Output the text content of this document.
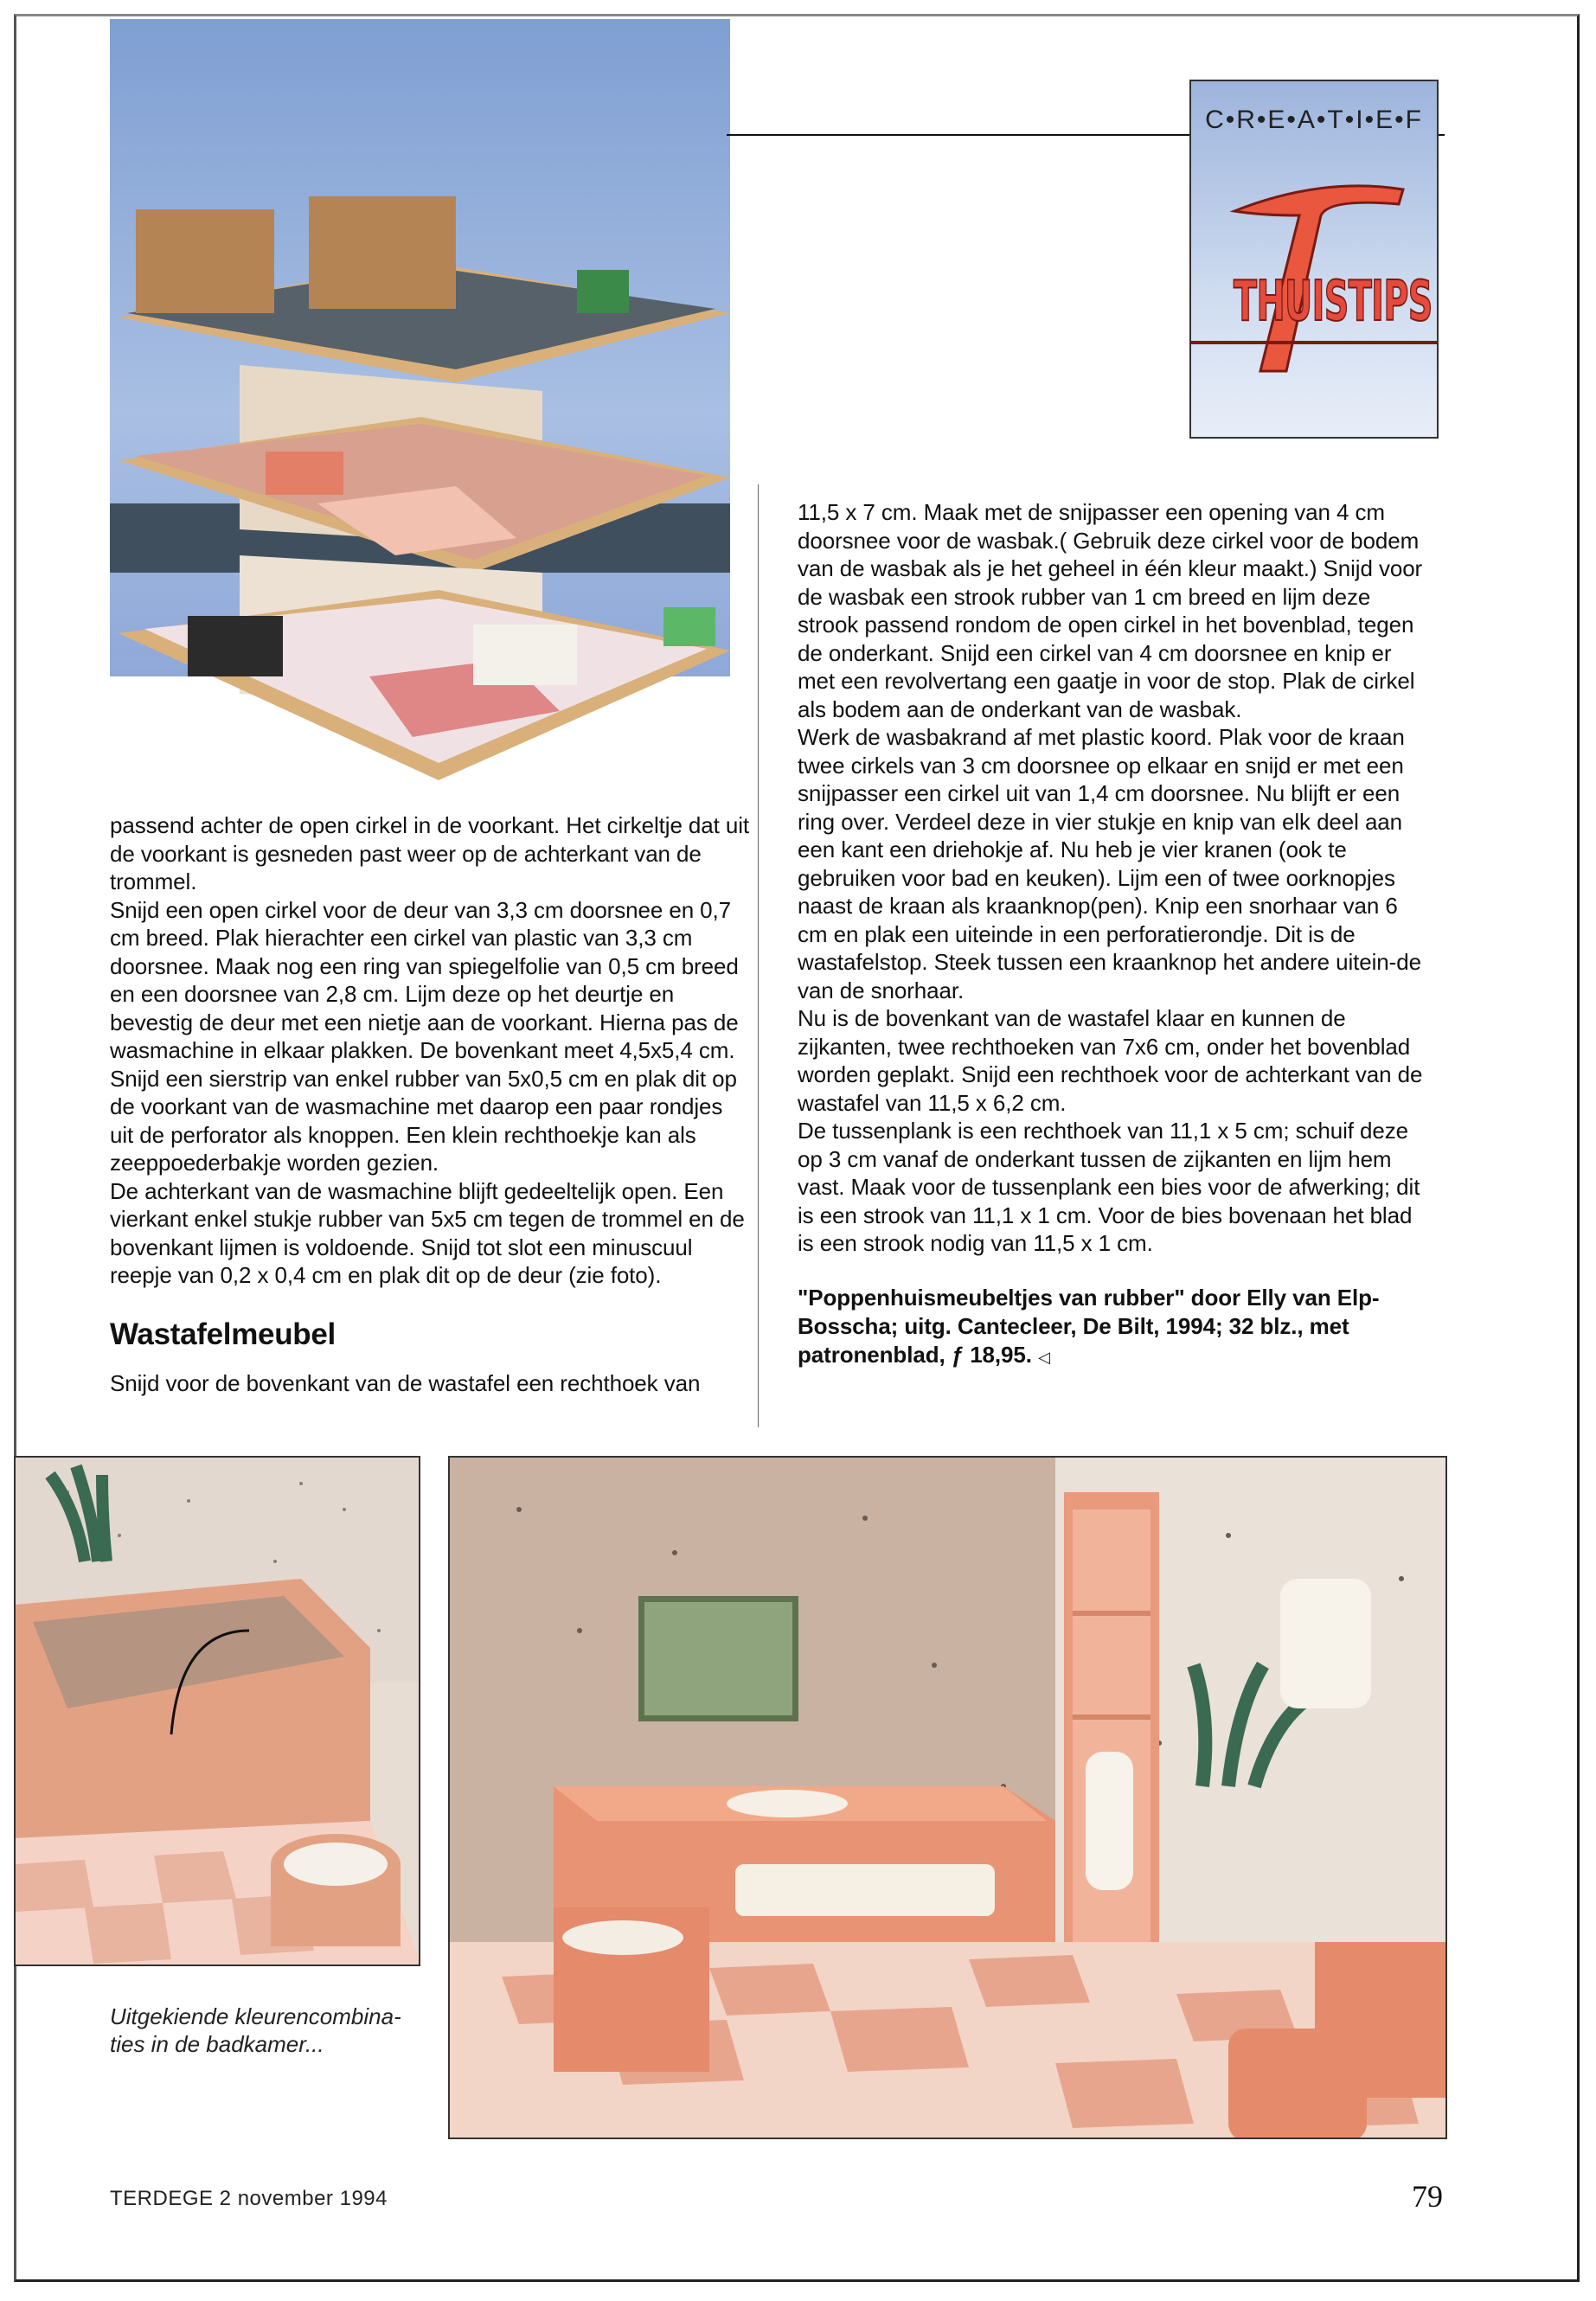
C•R•E•A•T•I•E•F
THUISTIPS

passend achter de open cirkel in de voorkant. Het cirkeltje dat uit de voorkant is gesneden past weer op de achterkant van de trommel.

Snijd een open cirkel voor de deur van 3,3 cm doorsnee en 0,7 cm breed. Plak hierachter een cirkel van plastic van 3,3 cm doorsnee. Maak nog een ring van spiegelfolie van 0,5 cm breed en een doorsnee van 2,8 cm. Lijm deze op het deurtje en bevestig de deur met een nietje aan de voorkant. Hierna pas de wasmachine in elkaar plakken. De bovenkant meet 4,5x5,4 cm.

Snijd een sierstrip van enkel rubber van 5x0,5 cm en plak dit op de voorkant van de wasmachine met daarop een paar rondjes uit de perforator als knoppen. Een klein rechthoekje kan als zeeppoederbakje worden gezien.

De achterkant van de wasmachine blijft gedeeltelijk open. Een vierkant enkel stukje rubber van 5x5 cm tegen de trommel en de bovenkant lijmen is voldoende. Snijd tot slot een minuscuul reepje van 0,2 x 0,4 cm en plak dit op de deur (zie foto).

Wastafelmeubel

Snijd voor de bovenkant van de wastafel een rechthoek van

11,5 x 7 cm. Maak met de snijpasser een opening van 4 cm doorsnee voor de wasbak.( Gebruik deze cirkel voor de bodem van de wasbak als je het geheel in één kleur maakt.) Snijd voor de wasbak een strook rubber van 1 cm breed en lijm deze strook passend rondom de open cirkel in het bovenblad, tegen de onderkant. Snijd een cirkel van 4 cm doorsnee en knip er met een revolvertang een gaatje in voor de stop. Plak de cirkel als bodem aan de onderkant van de wasbak.

Werk de wasbakrand af met plastic koord. Plak voor de kraan twee cirkels van 3 cm doorsnee op elkaar en snijd er met een snijpasser een cirkel uit van 1,4 cm doorsnee. Nu blijft er een ring over. Verdeel deze in vier stukje en knip van elk deel aan een kant een driehokje af. Nu heb je vier kranen (ook te gebruiken voor bad en keuken). Lijm een of twee oorknopjes naast de kraan als kraanknop(pen). Knip een snorhaar van 6 cm en plak een uiteinde in een perforatierondje. Dit is de wastafelstop. Steek tussen een kraanknop het andere uitein-de van de snorhaar.

Nu is de bovenkant van de wastafel klaar en kunnen de zijkanten, twee rechthoeken van 7x6 cm, onder het bovenblad worden geplakt. Snijd een rechthoek voor de achterkant van de wastafel van 11,5 x 6,2 cm.

De tussenplank is een rechthoek van 11,1 x 5 cm; schuif deze op 3 cm vanaf de onderkant tussen de zijkanten en lijm hem vast. Maak voor de tussenplank een bies voor de afwerking; dit is een strook van 11,1 x 1 cm. Voor de bies bovenaan het blad is een strook nodig van 11,5 x 1 cm.

"Poppenhuismeubeltjes van rubber" door Elly van Elp-Bosscha; uitg. Cantecleer, De Bilt, 1994; 32 blz., met patronenblad, ƒ 18,95. ◁

Uitgekiende kleurencombina-ties in de badkamer...
TERDEGE 2 november 1994	79
